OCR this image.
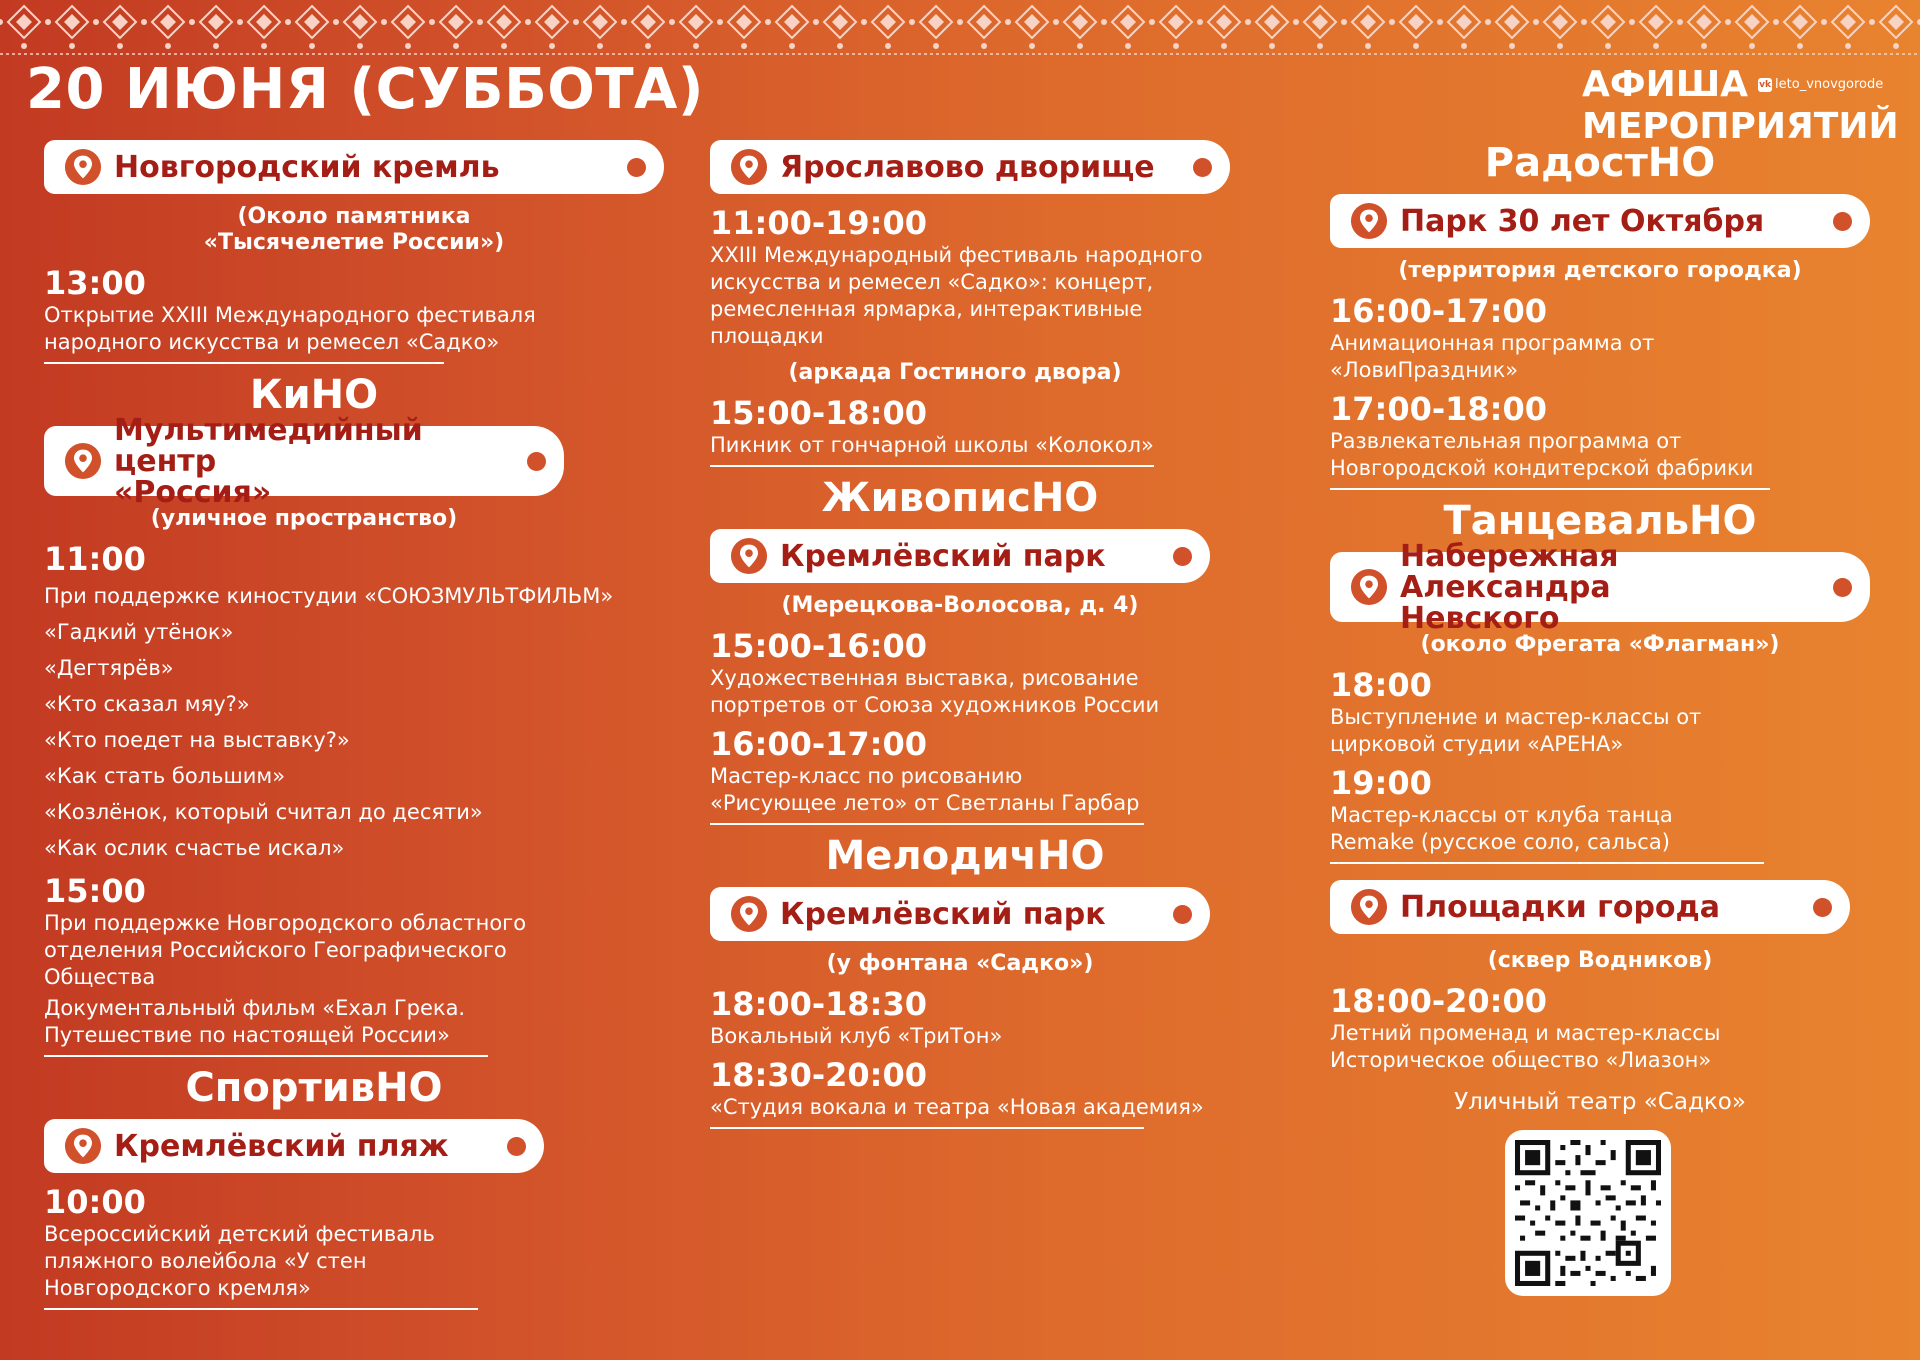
20 ИЮНЯ (СУББОТА)	АФИША vk leto_vnovgorode
МЕРОПРИЯТИЙ
Новгородский кремль
(Около памятника
«Тысячелетие России»)
13:00
Открытие XXIII Международного фестиваля
народного искусства и ремесел «Садко»
КиНО
Мультимедийный центр
«Россия»
(уличное пространство)
11:00
При поддержке киностудии «СОЮЗМУЛЬТФИЛЬМ»
«Гадкий утёнок»
«Дегтярёв»
«Кто сказал мяу?»
«Кто поедет на выставку?»
«Как стать большим»
«Козлёнок, который считал до десяти»
«Как ослик счастье искал»
15:00
При поддержке Новгородского областного
отделения Российского Географического
Общества
Документальный фильм «Ехал Грека.
Путешествие по настоящей России»
СпортивНО
Кремлёвский пляж
10:00
Всероссийский детский фестиваль
пляжного волейбола «У стен
Новгородского кремля»
Ярославово дворище
11:00-19:00
XXIII Международный фестиваль народного
искусства и ремесел «Садко»: концерт,
ремесленная ярмарка, интерактивные
площадки
(аркада Гостиного двора)
15:00-18:00
Пикник от гончарной школы «Колокол»
ЖивописНО
Кремлёвский парк
(Мерецкова-Волосова, д. 4)
15:00-16:00
Художественная выставка, рисование
портретов от Союза художников России
16:00-17:00
Мастер-класс по рисованию
«Рисующее лето» от Светланы Гарбар
МелодичНО
Кремлёвский парк
(у фонтана «Садко»)
18:00-18:30
Вокальный клуб «ТриТон»
18:30-20:00
«Студия вокала и театра «Новая академия»
РадостНО
Парк 30 лет Октября
(территория детского городка)
16:00-17:00
Анимационная программа от
«ЛовиПраздник»
17:00-18:00
Развлекательная программа от
Новгородской кондитерской фабрики
ТанцевальНО
Набережная Александра
Невского
(около Фрегата «Флагман»)
18:00
Выступление и мастер-классы от
цирковой студии «АРЕНА»
19:00
Мастер-классы от клуба танца
Remake (русское соло, сальса)
Площадки города
(сквер Водников)
18:00-20:00
Летний променад и мастер-классы
Историческое общество «Лиазон»
Уличный театр «Садко»
